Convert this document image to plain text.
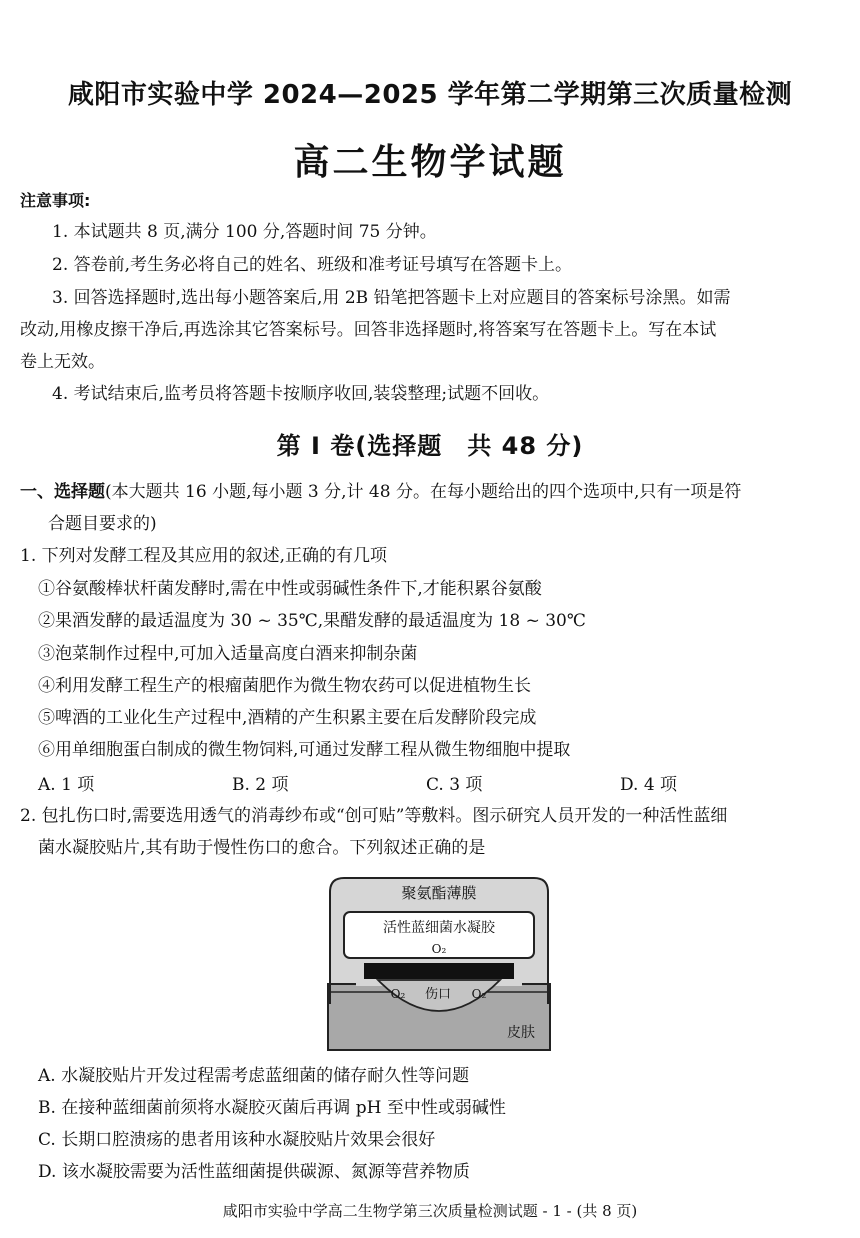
咸阳市实验中学 2024—2025 学年第二学期第三次质量检测
高二生物学试题
注意事项:
1. 本试题共 8 页,满分 100 分,答题时间 75 分钟。
2. 答卷前,考生务必将自己的姓名、班级和准考证号填写在答题卡上。
3. 回答选择题时,选出每小题答案后,用 2B 铅笔把答题卡上对应题目的答案标号涂黑。如需
改动,用橡皮擦干净后,再选涂其它答案标号。回答非选择题时,将答案写在答题卡上。写在本试
卷上无效。
4. 考试结束后,监考员将答题卡按顺序收回,装袋整理;试题不回收。
第 Ⅰ 卷(选择题　共 48 分)
一、选择题(本大题共 16 小题,每小题 3 分,计 48 分。在每小题给出的四个选项中,只有一项是符
合题目要求的)
1. 下列对发酵工程及其应用的叙述,正确的有几项
①谷氨酸棒状杆菌发酵时,需在中性或弱碱性条件下,才能积累谷氨酸
②果酒发酵的最适温度为 30 ~ 35℃,果醋发酵的最适温度为 18 ~ 30℃
③泡菜制作过程中,可加入适量高度白酒来抑制杂菌
④利用发酵工程生产的根瘤菌肥作为微生物农药可以促进植物生长
⑤啤酒的工业化生产过程中,酒精的产生积累主要在后发酵阶段完成
⑥用单细胞蛋白制成的微生物饲料,可通过发酵工程从微生物细胞中提取
A. 1 项	B. 2 项	C. 3 项	D. 4 项
2. 包扎伤口时,需要选用透气的消毒纱布或“创可贴”等敷料。图示研究人员开发的一种活性蓝细
菌水凝胶贴片,其有助于慢性伤口的愈合。下列叙述正确的是
聚氨酯薄膜
活性蓝细菌水凝胶
O₂
O₂ 伤口 O₂
皮肤
A. 水凝胶贴片开发过程需考虑蓝细菌的储存耐久性等问题
B. 在接种蓝细菌前须将水凝胶灭菌后再调 pH 至中性或弱碱性
C. 长期口腔溃疡的患者用该种水凝胶贴片效果会很好
D. 该水凝胶需要为活性蓝细菌提供碳源、氮源等营养物质
咸阳市实验中学高二生物学第三次质量检测试题 - 1 - (共 8 页)
